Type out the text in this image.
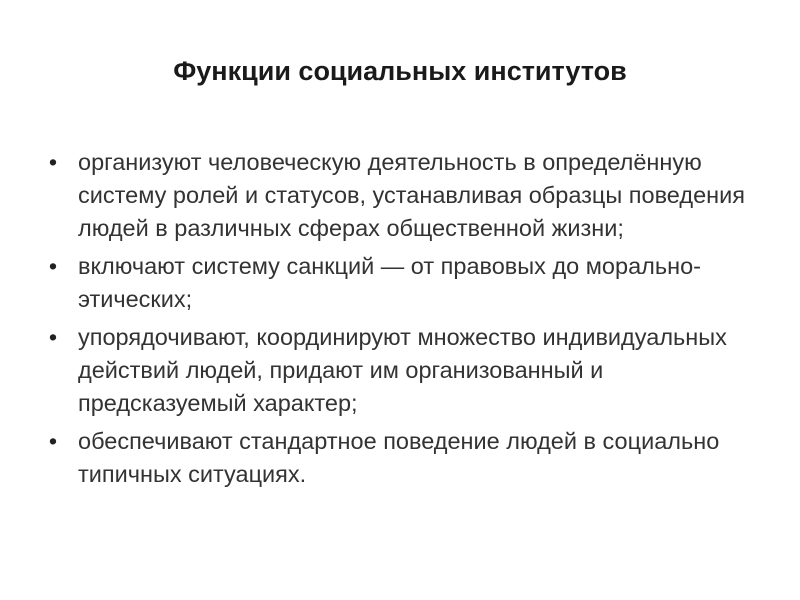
Функции социальных институтов
• организуют человеческую деятельность в определённую систему ролей и статусов, устанавливая образцы поведения людей в различных сферах общественной жизни;
• включают систему санкций — от правовых до морально-этических;
• упорядочивают, координируют множество индивидуальных действий людей, придают им организованный и предсказуемый характер;
• обеспечивают стандартное поведение людей в социально типичных ситуациях.
